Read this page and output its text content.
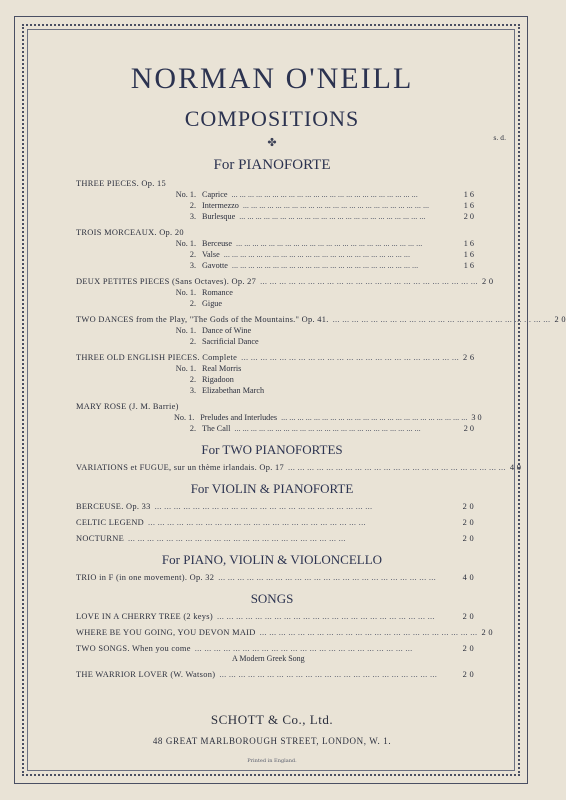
NORMAN O'NEILL
COMPOSITIONS
✤
For PIANOFORTE
THREE PIECES. Op. 15
No. 1. Caprice ... ... ... ... ... ... ... ... ... ... ... ... ... ... ... ... ... ... ... ... ... ... ...	1 6
2. Intermezzo ... ... ... ... ... ... ... ... ... ... ... ... ... ... ... ... ... ... ... ... ... ... ...	1 6
3. Burlesque ... ... ... ... ... ... ... ... ... ... ... ... ... ... ... ... ... ... ... ... ... ... ...	2 0
TROIS MORCEAUX. Op. 20
No. 1. Berceuse ... ... ... ... ... ... ... ... ... ... ... ... ... ... ... ... ... ... ... ... ... ... ...	1 6
2. Valse ... ... ... ... ... ... ... ... ... ... ... ... ... ... ... ... ... ... ... ... ... ... ...	1 6
3. Gavotte ... ... ... ... ... ... ... ... ... ... ... ... ... ... ... ... ... ... ... ... ... ... ...	1 6
DEUX PETITES PIECES (Sans Octaves). Op. 27 ... ... ... ... ... ... ... ... ... ... ... ... ... ... ... ... ... ... ... ... ... ... ... 2 0
No. 1. Romance
2. Gigue
TWO DANCES from the Play, "The Gods of the Mountains." Op. 41. ... ... ... ... ... ... ... ... ... ... ... ... ... ... ... ... ... ... ... ... ... ... ... 2 0
No. 1. Dance of Wine
2. Sacrificial Dance
THREE OLD ENGLISH PIECES. Complete ... ... ... ... ... ... ... ... ... ... ... ... ... ... ... ... ... ... ... ... ... ... ... 2 6
No. 1. Real Morris
2. Rigadoon
3. Elizabethan March
MARY ROSE (J. M. Barrie)
No. 1. Preludes and Interludes ... ... ... ... ... ... ... ... ... ... ... ... ... ... ... ... ... ... ... ... ... ... ... 3 0
2. The Call ... ... ... ... ... ... ... ... ... ... ... ... ... ... ... ... ... ... ... ... ... ... ...	2 0
For TWO PIANOFORTES
VARIATIONS et FUGUE, sur un thème irlandais. Op. 17 ... ... ... ... ... ... ... ... ... ... ... ... ... ... ... ... ... ... ... ... ... ... ... 4 0
For VIOLIN & PIANOFORTE
BERCEUSE. Op. 33 ... ... ... ... ... ... ... ... ... ... ... ... ... ... ... ... ... ... ... ... ... ... ...	2 0
CELTIC LEGEND ... ... ... ... ... ... ... ... ... ... ... ... ... ... ... ... ... ... ... ... ... ... ...	2 0
NOCTURNE ... ... ... ... ... ... ... ... ... ... ... ... ... ... ... ... ... ... ... ... ... ... ...	2 0
For PIANO, VIOLIN & VIOLONCELLO
TRIO in F (in one movement). Op. 32 ... ... ... ... ... ... ... ... ... ... ... ... ... ... ... ... ... ... ... ... ... ... ...	4 0
SONGS
LOVE IN A CHERRY TREE (2 keys) ... ... ... ... ... ... ... ... ... ... ... ... ... ... ... ... ... ... ... ... ... ... ...	2 0
WHERE BE YOU GOING, YOU DEVON MAID ... ... ... ... ... ... ... ... ... ... ... ... ... ... ... ... ... ... ... ... ... ... ... 2 0
TWO SONGS. When you come ... ... ... ... ... ... ... ... ... ... ... ... ... ... ... ... ... ... ... ... ... ... ...	2 0
A Modern Greek Song
THE WARRIOR LOVER (W. Watson) ... ... ... ... ... ... ... ... ... ... ... ... ... ... ... ... ... ... ... ... ... ... ...	2 0
SCHOTT & Co., Ltd.
48 GREAT MARLBOROUGH STREET, LONDON, W. 1.
Printed in England.
s. d.
